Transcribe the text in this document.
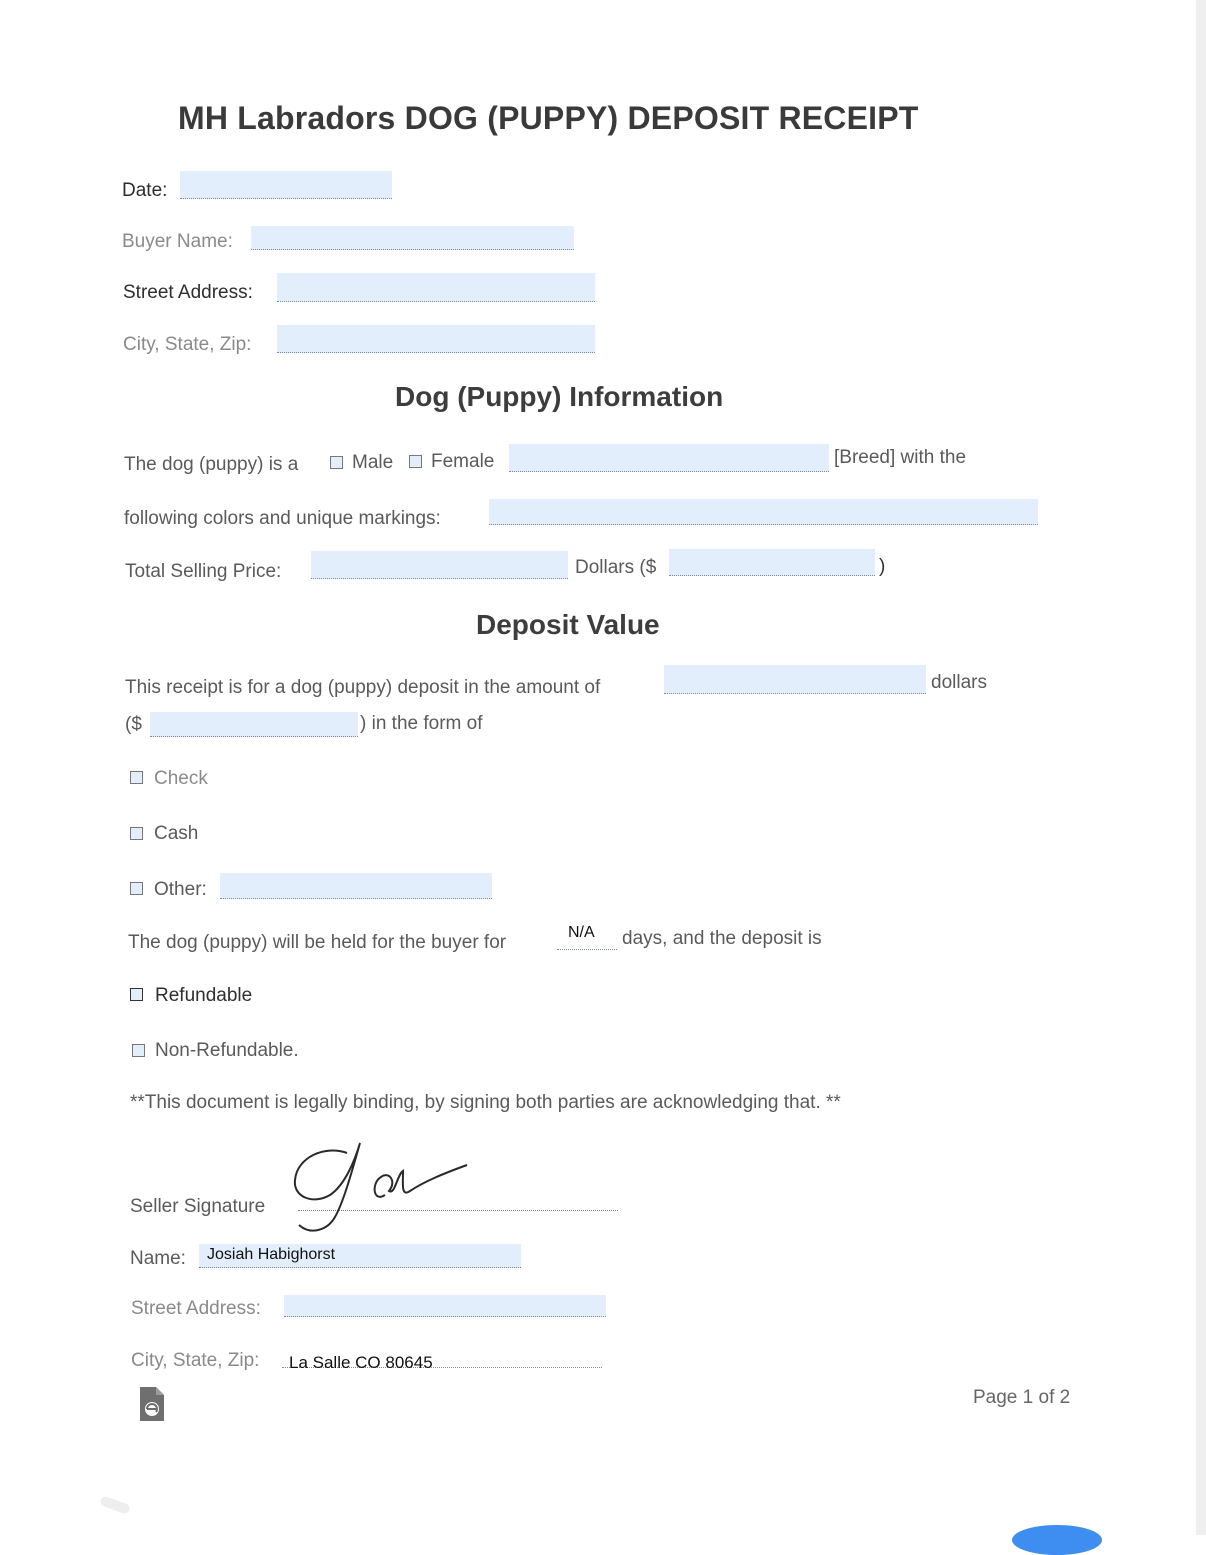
MH Labradors DOG (PUPPY) DEPOSIT RECEIPT
Date:
Buyer Name:
Street Address:
City, State, Zip:
Dog (Puppy) Information
The dog (puppy) is a	Male Female	[Breed] with the
following colors and unique markings:
Total Selling Price:	Dollars ($	)
Deposit Value
This receipt is for a dog (puppy) deposit in the amount of	dollars
($	) in the form of
Check
Cash
Other:
The dog (puppy) will be held for the buyer for	N/A days, and the deposit is
Refundable
Non-Refundable.
**This document is legally binding, by signing both parties are acknowledging that. **
Seller Signature
Name: Josiah Habighorst
Street Address:
City, State, Zip: La Salle CO 80645
Page 1 of 2
